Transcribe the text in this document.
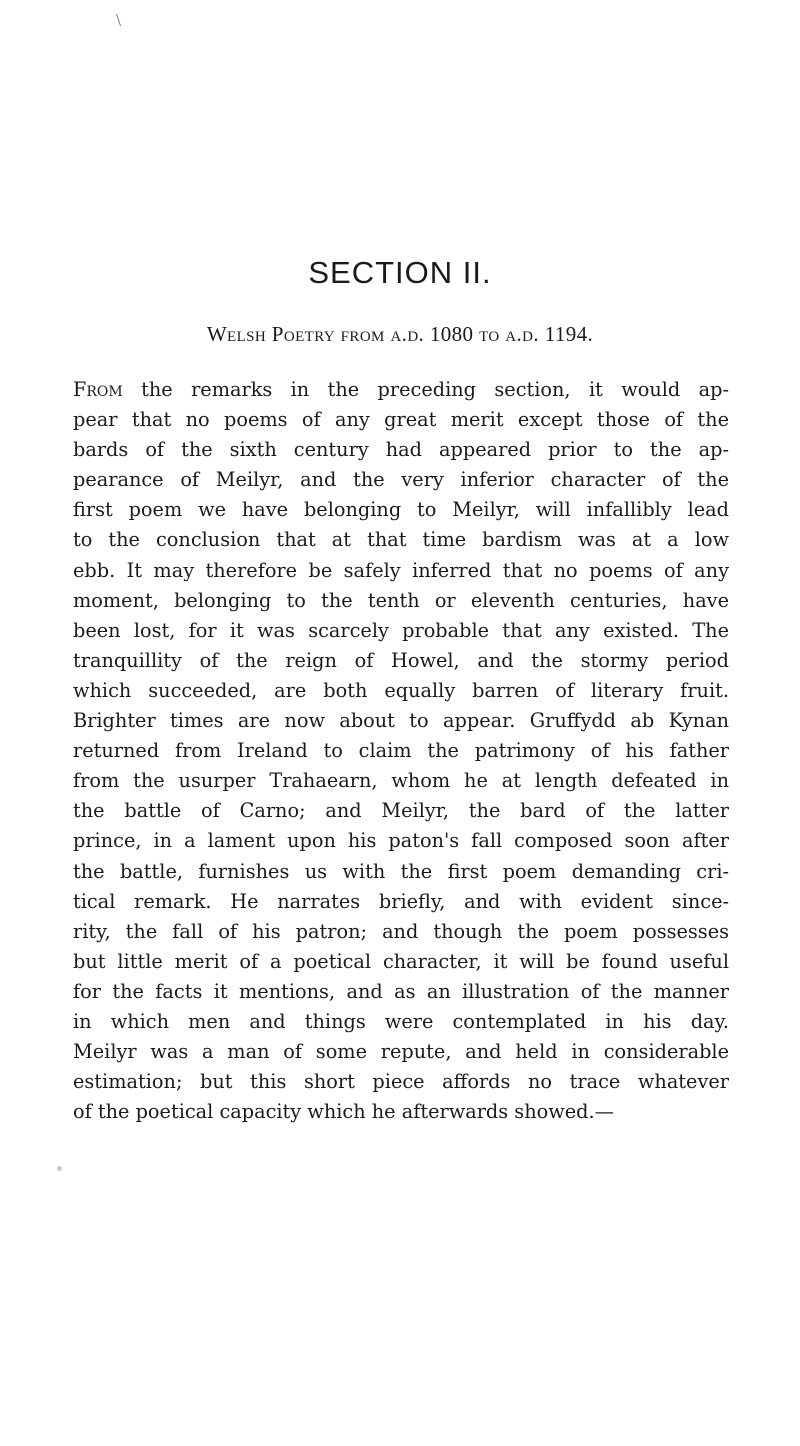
\
SECTION II.
Welsh Poetry from a.d. 1080 to a.d. 1194.
From the remarks in the preceding section, it would ap-
pear that no poems of any great merit except those of the
bards of the sixth century had appeared prior to the ap-
pearance of Meilyr, and the very inferior character of the
first poem we have belonging to Meilyr, will infallibly lead
to the conclusion that at that time bardism was at a low
ebb. It may therefore be safely inferred that no poems of any
moment, belonging to the tenth or eleventh centuries, have
been lost, for it was scarcely probable that any existed. The
tranquillity of the reign of Howel, and the stormy period
which succeeded, are both equally barren of literary fruit.
Brighter times are now about to appear. Gruffydd ab Kynan
returned from Ireland to claim the patrimony of his father
from the usurper Trahaearn, whom he at length defeated in
the battle of Carno; and Meilyr, the bard of the latter
prince, in a lament upon his paton's fall composed soon after
the battle, furnishes us with the first poem demanding cri-
tical remark. He narrates briefly, and with evident since-
rity, the fall of his patron; and though the poem possesses
but little merit of a poetical character, it will be found useful
for the facts it mentions, and as an illustration of the manner
in which men and things were contemplated in his day.
Meilyr was a man of some repute, and held in considerable
estimation; but this short piece affords no trace whatever
of the poetical capacity which he afterwards showed.—
